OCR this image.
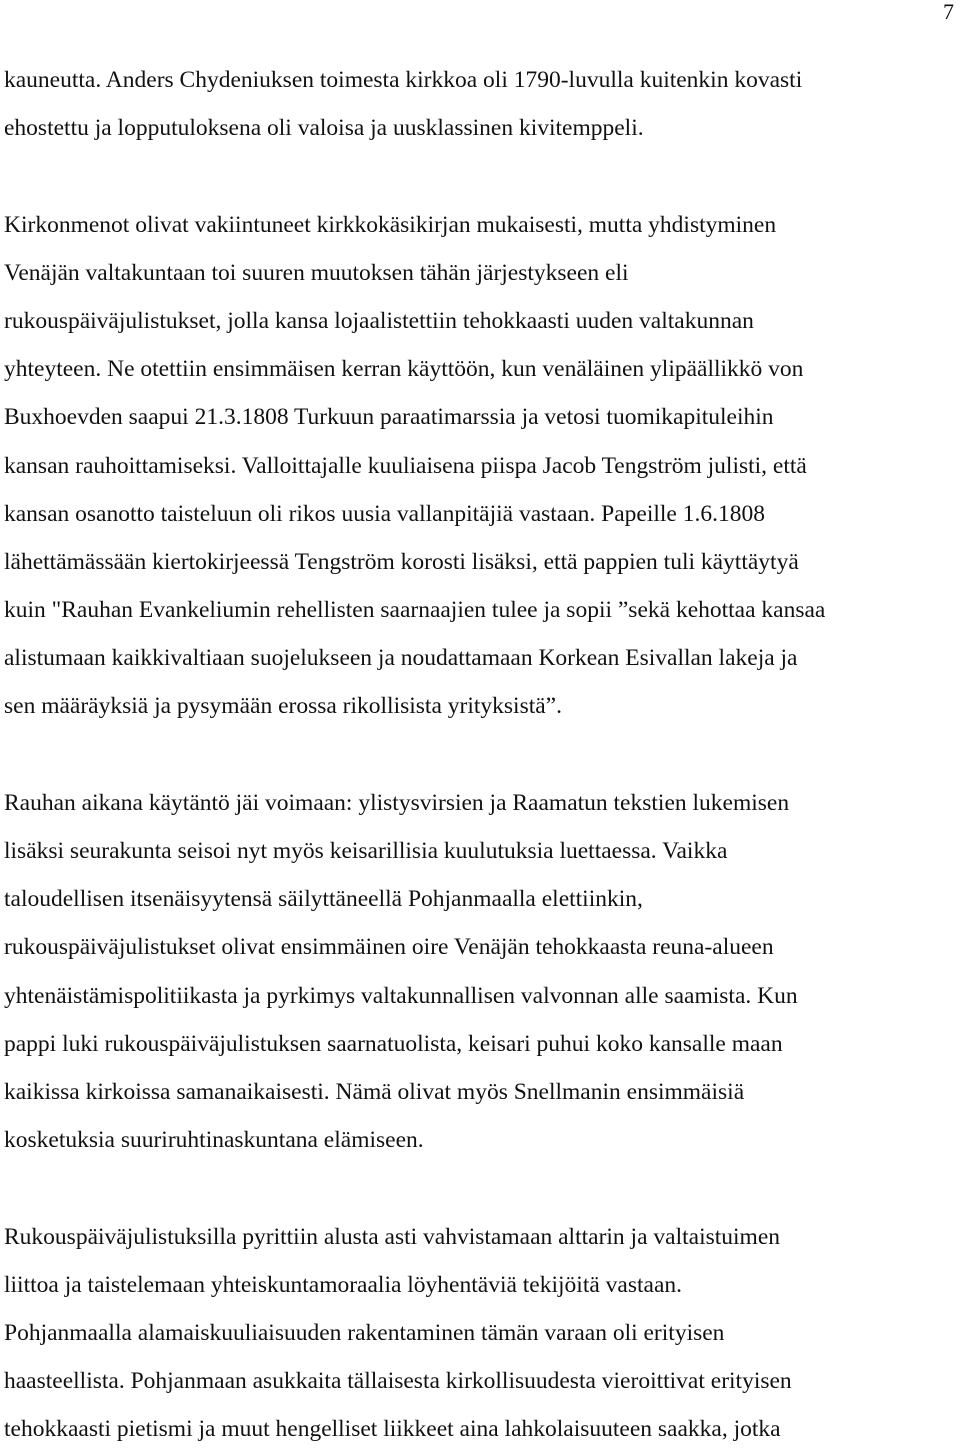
7
kauneutta. Anders Chydeniuksen toimesta kirkkoa oli 1790-luvulla kuitenkin kovasti
ehostettu ja lopputuloksena oli valoisa ja uusklassinen kivitemppeli.
Kirkonmenot olivat vakiintuneet kirkkokäsikirjan mukaisesti, mutta yhdistyminen
Venäjän valtakuntaan toi suuren muutoksen tähän järjestykseen eli
rukouspäiväjulistukset, jolla kansa lojaalistettiin tehokkaasti uuden valtakunnan
yhteyteen. Ne otettiin ensimmäisen kerran käyttöön, kun venäläinen ylipäällikkö von
Buxhoevden saapui 21.3.1808 Turkuun paraatimarssia ja vetosi tuomikapituleihin
kansan rauhoittamiseksi. Valloittajalle kuuliaisena piispa Jacob Tengström julisti, että
kansan osanotto taisteluun oli rikos uusia vallanpitäjiä vastaan. Papeille 1.6.1808
lähettämässään kiertokirjeessä Tengström korosti lisäksi, että pappien tuli käyttäytyä
kuin "Rauhan Evankeliumin rehellisten saarnaajien tulee ja sopii ”sekä kehottaa kansaa
alistumaan kaikkivaltiaan suojelukseen ja noudattamaan Korkean Esivallan lakeja ja
sen määräyksiä ja pysymään erossa rikollisista yrityksistä”.
Rauhan aikana käytäntö jäi voimaan: ylistysvirsien ja Raamatun tekstien lukemisen
lisäksi seurakunta seisoi nyt myös keisarillisia kuulutuksia luettaessa. Vaikka
taloudellisen itsenäisyytensä säilyttäneellä Pohjanmaalla elettiinkin,
rukouspäiväjulistukset olivat ensimmäinen oire Venäjän tehokkaasta reuna-alueen
yhtenäistämispolitiikasta ja pyrkimys valtakunnallisen valvonnan alle saamista. Kun
pappi luki rukouspäiväjulistuksen saarnatuolista, keisari puhui koko kansalle maan
kaikissa kirkoissa samanaikaisesti. Nämä olivat myös Snellmanin ensimmäisiä
kosketuksia suuriruhtinaskuntana elämiseen.
Rukouspäiväjulistuksilla pyrittiin alusta asti vahvistamaan alttarin ja valtaistuimen
liittoa ja taistelemaan yhteiskuntamoraalia löyhentäviä tekijöitä vastaan.
Pohjanmaalla alamaiskuuliaisuuden rakentaminen tämän varaan oli erityisen
haasteellista. Pohjanmaan asukkaita tällaisesta kirkollisuudesta vieroittivat erityisen
tehokkaasti pietismi ja muut hengelliset liikkeet aina lahkolaisuuteen saakka, jotka
